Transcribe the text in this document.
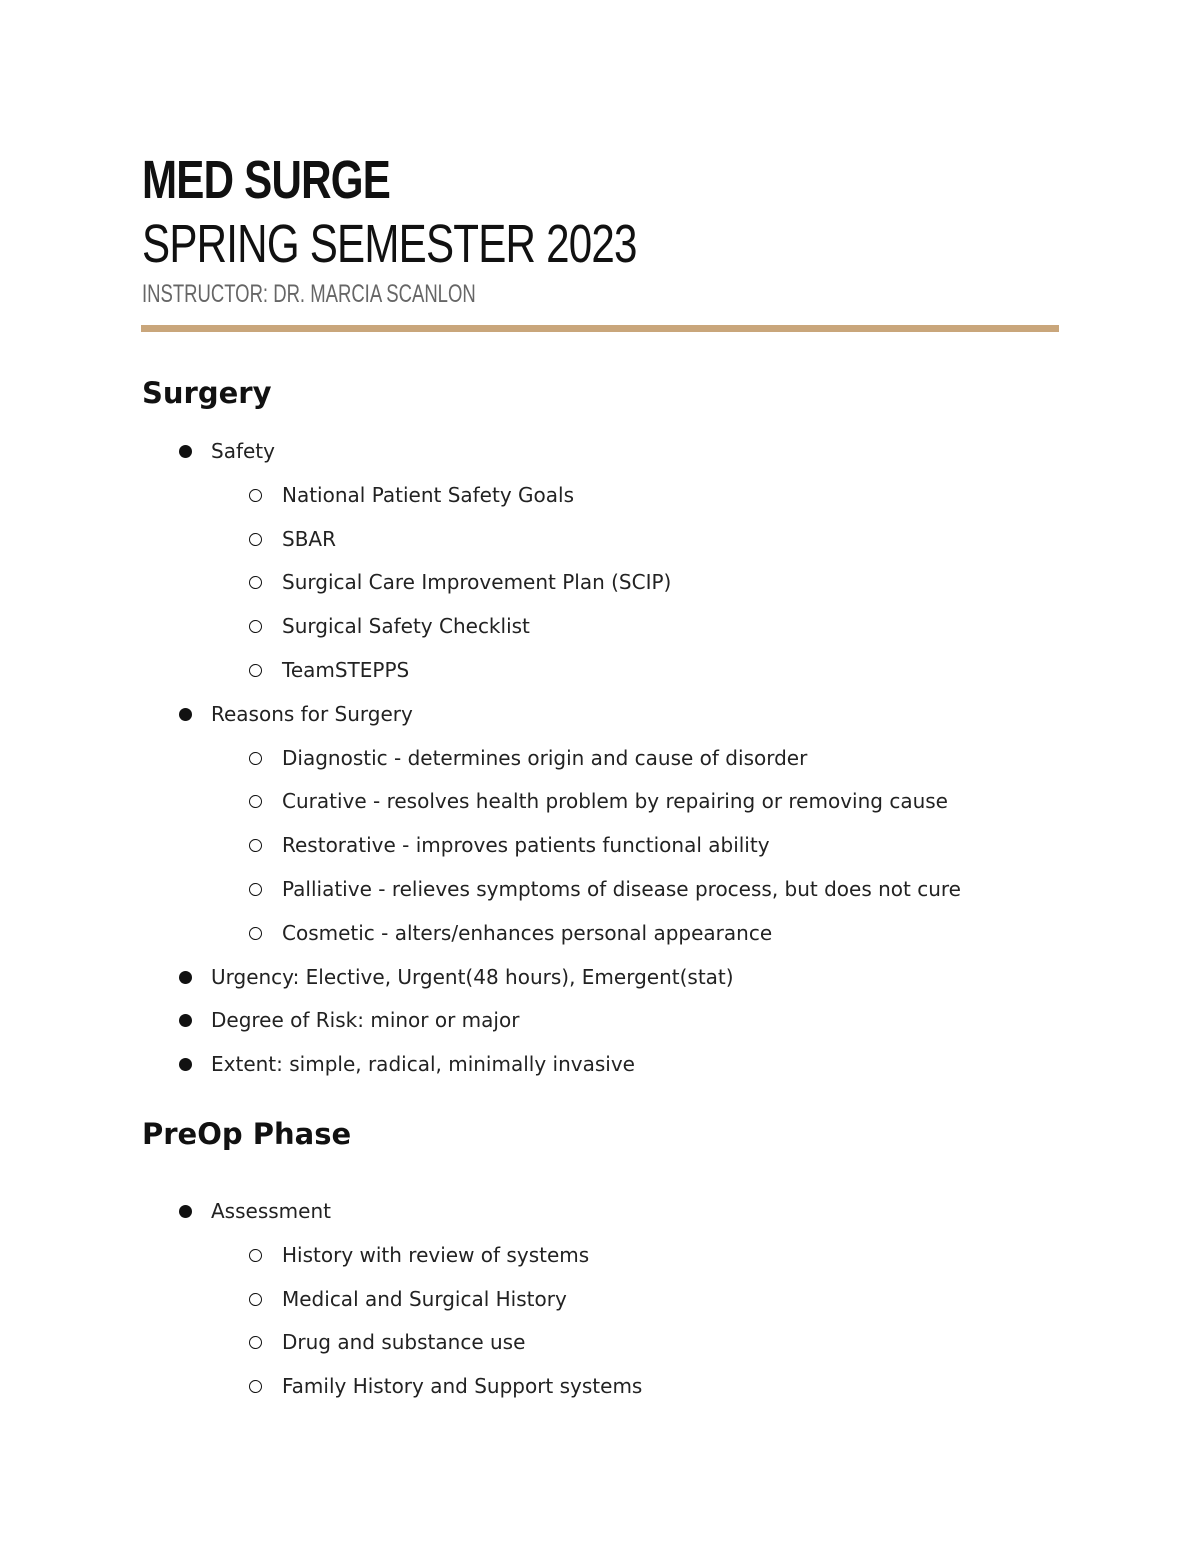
MED SURGE
SPRING SEMESTER 2023
INSTRUCTOR: DR. MARCIA SCANLON
Surgery
Safety
National Patient Safety Goals
SBAR
Surgical Care Improvement Plan (SCIP)
Surgical Safety Checklist
TeamSTEPPS
Reasons for Surgery
Diagnostic - determines origin and cause of disorder
Curative - resolves health problem by repairing or removing cause
Restorative - improves patients functional ability
Palliative - relieves symptoms of disease process, but does not cure
Cosmetic - alters/enhances personal appearance
Urgency: Elective, Urgent(48 hours), Emergent(stat)
Degree of Risk: minor or major
Extent: simple, radical, minimally invasive
PreOp Phase
Assessment
History with review of systems
Medical and Surgical History
Drug and substance use
Family History and Support systems
